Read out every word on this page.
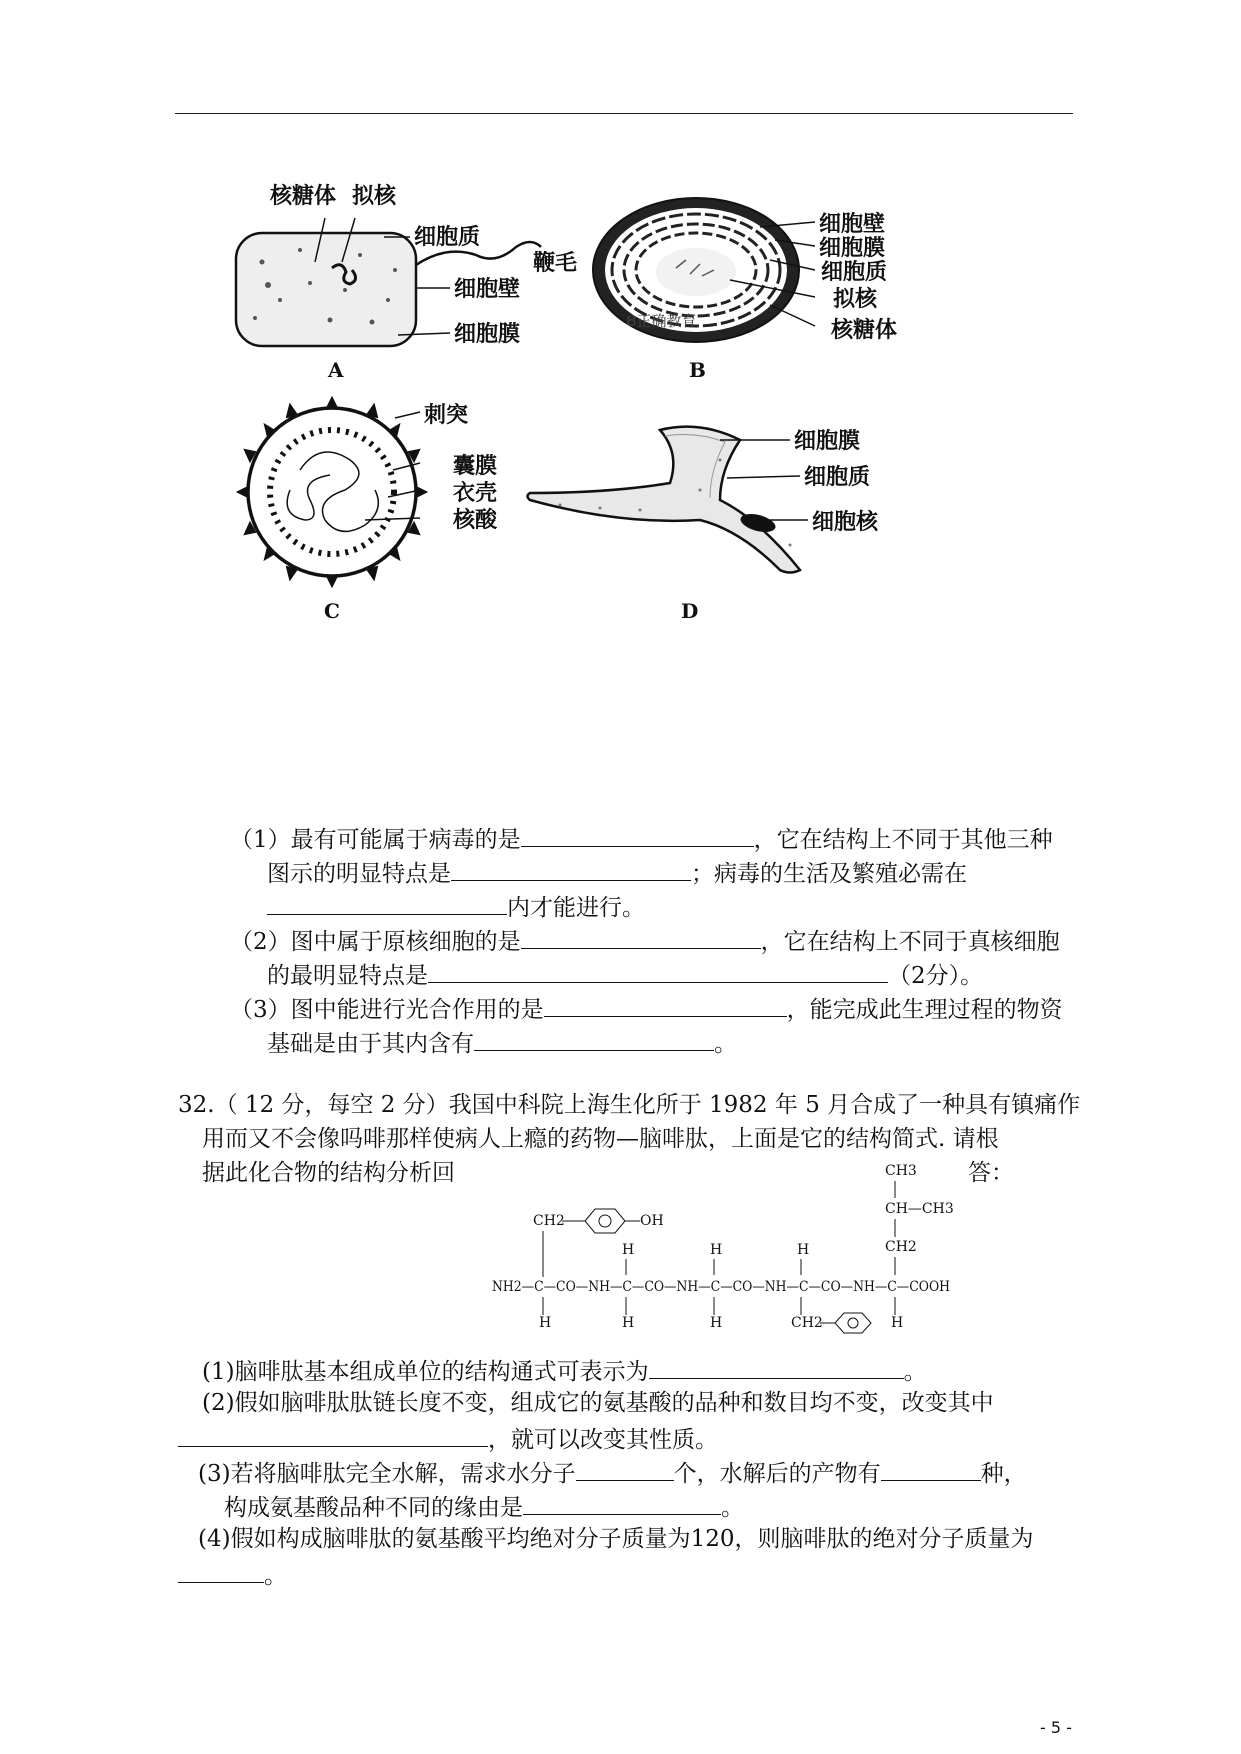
核糖体 拟核
细胞质
鞭毛
细胞壁
细胞膜
A
Ȣ正确教育
细胞壁
细胞膜
细胞质
拟核
核糖体
B
刺突
囊膜
衣壳
核酸
C
细胞膜
细胞质
细胞核
D
（1）最有可能属于病毒的是	，它在结构上不同于其他三种
图示的明显特点是	；病毒的生活及繁殖必需在
内才能进行。
（2）图中属于原核细胞的是	，它在结构上不同于真核细胞
的最明显特点是	（2分）。
（3）图中能进行光合作用的是	，能完成此生理过程的物资
基础是由于其内含有	。
32.（ 12 分，每空 2 分）我国中科院上海生化所于 1982 年 5 月合成了一种具有镇痛作
用而又不会像吗啡那样使病人上瘾的药物—脑啡肽，上面是它的结构简式. 请根
据此化合物的结构分析回	答：
CH3
CH—CH3
CH2
CH2	OH
H	H	H
NH2—C—CO—NH—C—CO—NH—C—CO—NH—C—CO—NH—C—COOH
H	H	H	CH2	H
(1)脑啡肽基本组成单位的结构通式可表示为	。
(2)假如脑啡肽肽链长度不变，组成它的氨基酸的品种和数目均不变，改变其中
，就可以改变其性质。
(3)若将脑啡肽完全水解，需求水分子	个，水解后的产物有	种，
构成氨基酸品种不同的缘由是	。
(4)假如构成脑啡肽的氨基酸平均绝对分子质量为120，则脑啡肽的绝对分子质量为
。
- 5 -
